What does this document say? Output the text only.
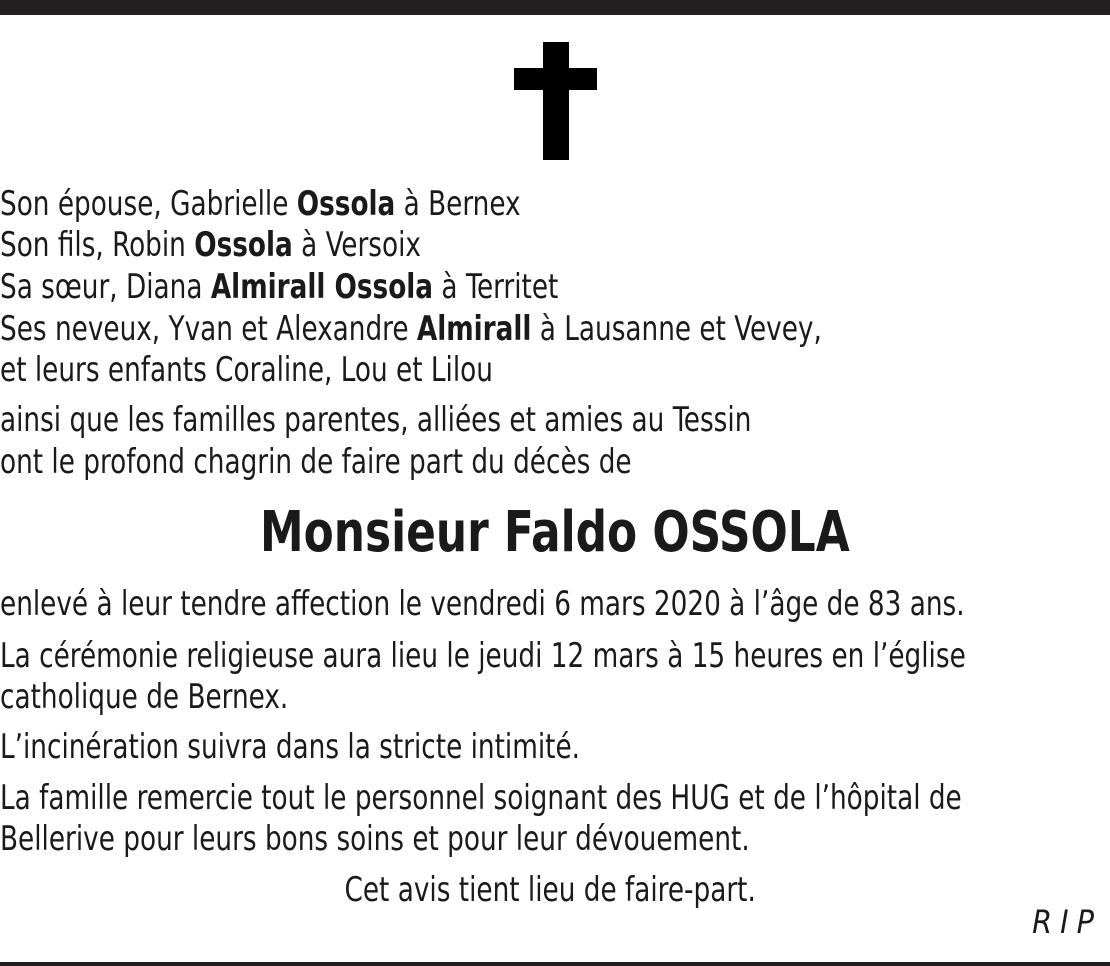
Son épouse, Gabrielle Ossola à Bernex
Son fils, Robin Ossola à Versoix
Sa sœur, Diana Almirall Ossola à Territet
Ses neveux, Yvan et Alexandre Almirall à Lausanne et Vevey,
et leurs enfants Coraline, Lou et Lilou
ainsi que les familles parentes, alliées et amies au Tessin
ont le profond chagrin de faire part du décès de
Monsieur Faldo OSSOLA
enlevé à leur tendre affection le vendredi 6 mars 2020 à l’âge de 83 ans.
La cérémonie religieuse aura lieu le jeudi 12 mars à 15 heures en l’église
catholique de Bernex.
L’incinération suivra dans la stricte intimité.
La famille remercie tout le personnel soignant des HUG et de l’hôpital de
Bellerive pour leurs bons soins et pour leur dévouement.
Cet avis tient lieu de faire-part.
RIP
